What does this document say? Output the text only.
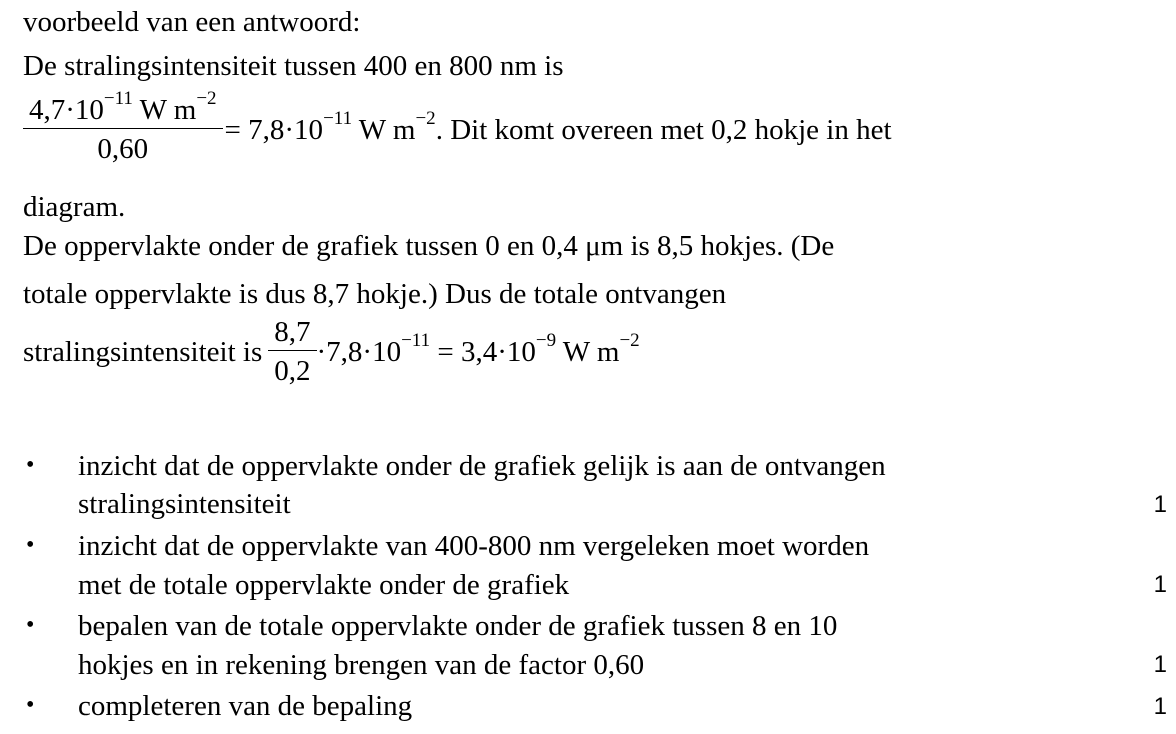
voorbeeld van een antwoord:
De stralingsintensiteit tussen 400 en 800 nm is
$\frac{4,7\cdot 10^{-11} W m^{-2}}{0,60} = 7,8\cdot 10^{-11}$ W $m^{-2}$. Dit komt overeen met 0,2 hokje in het
diagram.
De oppervlakte onder de grafiek tussen 0 en 0,4 μm is 8,5 hokjes. (De
totale oppervlakte is dus 8,7 hokje.) Dus de totale ontvangen
stralingsintensiteit is $\frac{8,7}{0,2} \cdot 7,8\cdot 10^{-11} = 3,4\cdot 10^{-9}$ W $m^{-2}$
• inzicht dat de oppervlakte onder de grafiek gelijk is aan de ontvangen
stralingsintensiteit	1
• inzicht dat de oppervlakte van 400-800 nm vergeleken moet worden
met de totale oppervlakte onder de grafiek	1
• bepalen van de totale oppervlakte onder de grafiek tussen 8 en 10
hokjes en in rekening brengen van de factor 0,60	1
• completeren van de bepaling	1
